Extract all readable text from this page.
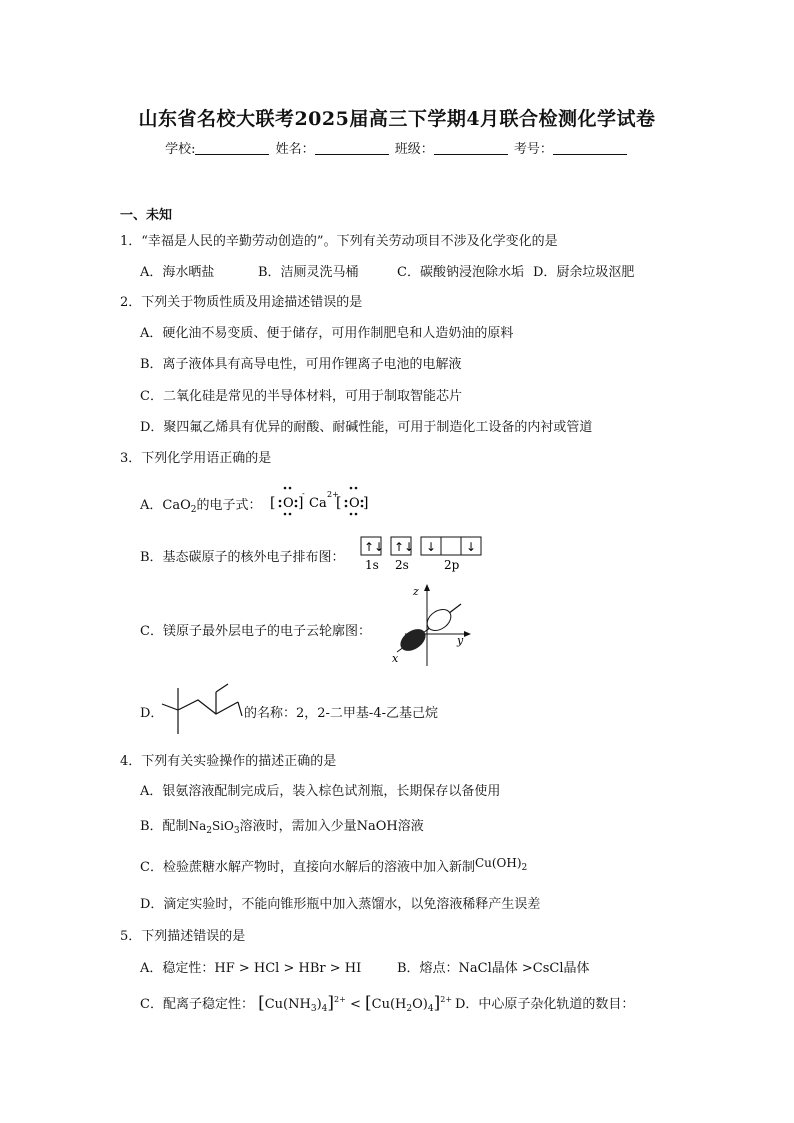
山东省名校大联考2025届高三下学期4月联合检测化学试卷
学校:	姓名：	班级：	考号：
一、未知
1．“幸福是人民的辛勤劳动创造的”。下列有关劳动项目不涉及化学变化的是
A．海水晒盐	B．洁厕灵洗马桶	C．碳酸钠浸泡除水垢 D．厨余垃圾沤肥
2．下列关于物质性质及用途描述错误的是
A．硬化油不易变质、便于储存，可用作制肥皂和人造奶油的原料
B．离子液体具有高导电性，可用作锂离子电池的电解液
C．二氧化硅是常见的半导体材料，可用于制取智能芯片
D．聚四氟乙烯具有优异的耐酸、耐碱性能，可用于制造化工设备的内衬或管道
3．下列化学用语正确的是
A．CaO$_2$的电子式： [ O ]
-
Ca
2+
[ O ]
B．基态碳原子的核外电子排布图：
↑↓ ↑↓ ↓ ↓
1s 2s	2p
C．镁原子最外层电子的电子云轮廓图：
z
y
x
D．	的名称：2，2-二甲基-4-乙基己烷
4．下列有关实验操作的描述正确的是
A．银氨溶液配制完成后，装入棕色试剂瓶，长期保存以备使用
B．配制$Na_2SiO_3$溶液时，需加入少量NaOH溶液
C．检验蔗糖水解产物时，直接向水解后的溶液中加入新制$Cu(OH)_2$
D．滴定实验时，不能向锥形瓶中加入蒸馏水，以免溶液稀释产生误差
5．下列描述错误的是
A．稳定性：HF > HCl > HBr > HI	B．熔点：NaCl晶体 >CsCl晶体
C．配离子稳定性： $[Cu(NH_3)_4]^{2+} < [Cu(H_2O)_4]^{2+}$ D．中心原子杂化轨道的数目：
